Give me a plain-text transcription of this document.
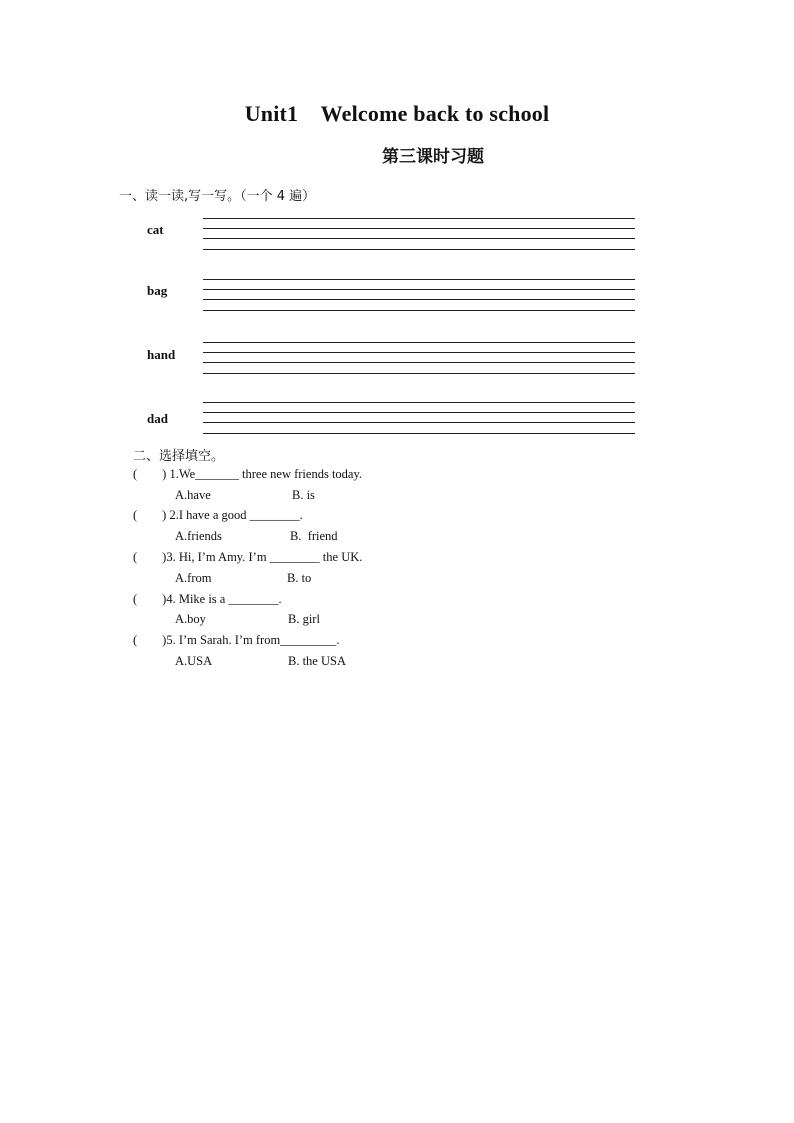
Unit1    Welcome back to school
第三课时习题
一、读一读,写一写。（一个 4 遍）
cat
bag
hand
dad
二、选择填空。
(        ) 1.We_______ three new friends today.
A.have	B. is
(        ) 2.I have a good ________.
A.friends	B.  friend
(        )3. Hi, I’m Amy. I’m ________ the UK.
A.from	B. to
(        )4. Mike is a ________.
A.boy	B. girl
(        )5. I’m Sarah. I’m from_________.
A.USA	B. the USA
